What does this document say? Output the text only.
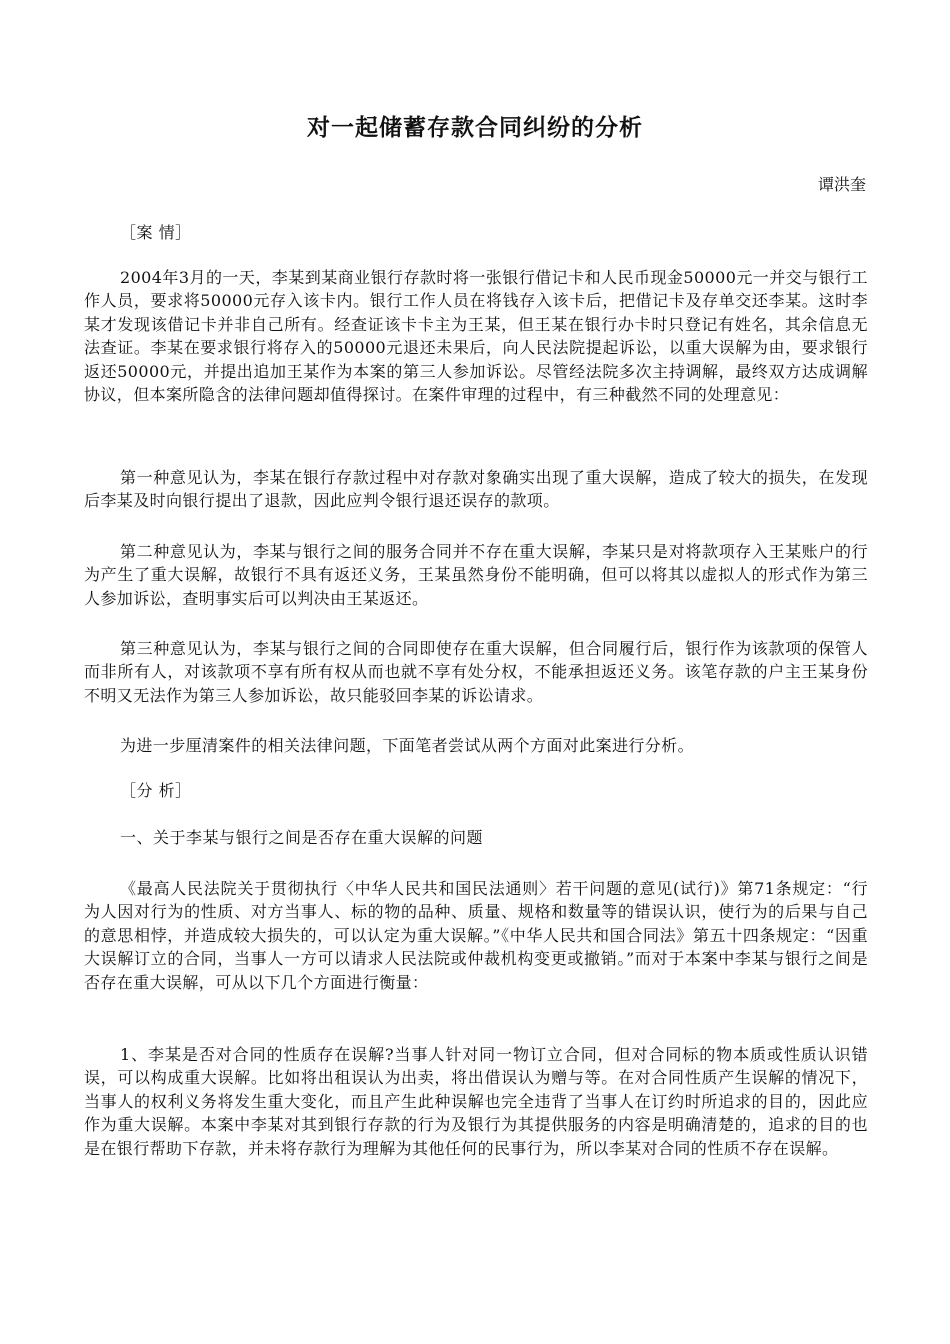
对一起储蓄存款合同纠纷的分析

谭洪奎

［案 情］

2004年3月的一天，李某到某商业银行存款时将一张银行借记卡和人民币现金50000元一并交与银行工作人员，要求将50000元存入该卡内。银行工作人员在将钱存入该卡后，把借记卡及存单交还李某。这时李某才发现该借记卡并非自己所有。经查证该卡卡主为王某，但王某在银行办卡时只登记有姓名，其余信息无法查证。李某在要求银行将存入的50000元退还未果后，向人民法院提起诉讼，以重大误解为由，要求银行返还50000元，并提出追加王某作为本案的第三人参加诉讼。尽管经法院多次主持调解，最终双方达成调解协议，但本案所隐含的法律问题却值得探讨。在案件审理的过程中，有三种截然不同的处理意见：

第一种意见认为，李某在银行存款过程中对存款对象确实出现了重大误解，造成了较大的损失，在发现后李某及时向银行提出了退款，因此应判令银行退还误存的款项。

第二种意见认为，李某与银行之间的服务合同并不存在重大误解，李某只是对将款项存入王某账户的行为产生了重大误解，故银行不具有返还义务，王某虽然身份不能明确，但可以将其以虚拟人的形式作为第三人参加诉讼，查明事实后可以判决由王某返还。

第三种意见认为，李某与银行之间的合同即使存在重大误解，但合同履行后，银行作为该款项的保管人而非所有人，对该款项不享有所有权从而也就不享有处分权，不能承担返还义务。该笔存款的户主王某身份不明又无法作为第三人参加诉讼，故只能驳回李某的诉讼请求。

为进一步厘清案件的相关法律问题，下面笔者尝试从两个方面对此案进行分析。

［分 析］

一、关于李某与银行之间是否存在重大误解的问题

《最高人民法院关于贯彻执行〈中华人民共和国民法通则〉若干问题的意见(试行)》第71条规定：“行为人因对行为的性质、对方当事人、标的物的品种、质量、规格和数量等的错误认识，使行为的后果与自己的意思相悖，并造成较大损失的，可以认定为重大误解。”《中华人民共和国合同法》第五十四条规定：“因重大误解订立的合同，当事人一方可以请求人民法院或仲裁机构变更或撤销。”而对于本案中李某与银行之间是否存在重大误解，可从以下几个方面进行衡量：

1、李某是否对合同的性质存在误解?当事人针对同一物订立合同，但对合同标的物本质或性质认识错误，可以构成重大误解。比如将出租误认为出卖，将出借误认为赠与等。在对合同性质产生误解的情况下，当事人的权利义务将发生重大变化，而且产生此种误解也完全违背了当事人在订约时所追求的目的，因此应作为重大误解。本案中李某对其到银行存款的行为及银行为其提供服务的内容是明确清楚的，追求的目的也是在银行帮助下存款，并未将存款行为理解为其他任何的民事行为，所以李某对合同的性质不存在误解。
